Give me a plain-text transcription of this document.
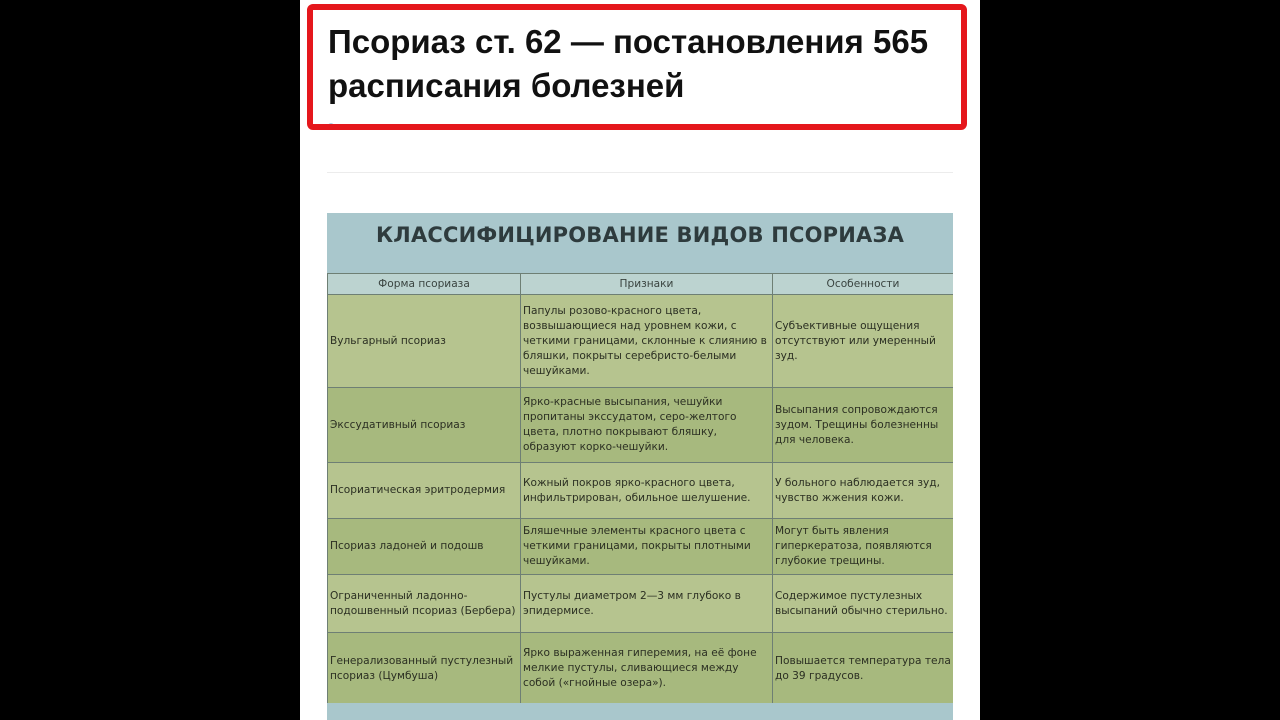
Псориаз ст. 62 — постановления 565 расписания болезней
КЛАССИФИЦИРОВАНИЕ ВИДОВ ПСОРИАЗА
Форма псориаза	Признаки	Особенности
Вульгарный псориаз	Папулы розово-красного цвета, возвышающиеся над уровнем кожи, с четкими границами, склонные к слиянию в бляшки, покрыты серебристо-белыми чешуйками.	Субъективные ощущения отсутствуют или умеренный зуд.
Экссудативный псориаз	Ярко-красные высыпания, чешуйки пропитаны экссудатом, серо-желтого цвета, плотно покрывают бляшку, образуют корко-чешуйки.	Высыпания сопровождаются зудом. Трещины болезненны для человека.
Псориатическая эритродермия	Кожный покров ярко-красного цвета, инфильтрирован, обильное шелушение.	У больного наблюдается зуд, чувство жжения кожи.
Псориаз ладоней и подошв	Бляшечные элементы красного цвета с четкими границами, покрыты плотными чешуйками.	Могут быть явления гиперкератоза, появляются глубокие трещины.
Ограниченный ладонно-подошвенный псориаз (Бербера)	Пустулы диаметром 2—3 мм глубоко в эпидермисе.	Содержимое пустулезных высыпаний обычно стерильно.
Генерализованный пустулезный псориаз (Цумбуша)	Ярко выраженная гиперемия, на её фоне мелкие пустулы, сливающиеся между собой («гнойные озера»).	Повышается температура тела до 39 градусов.
